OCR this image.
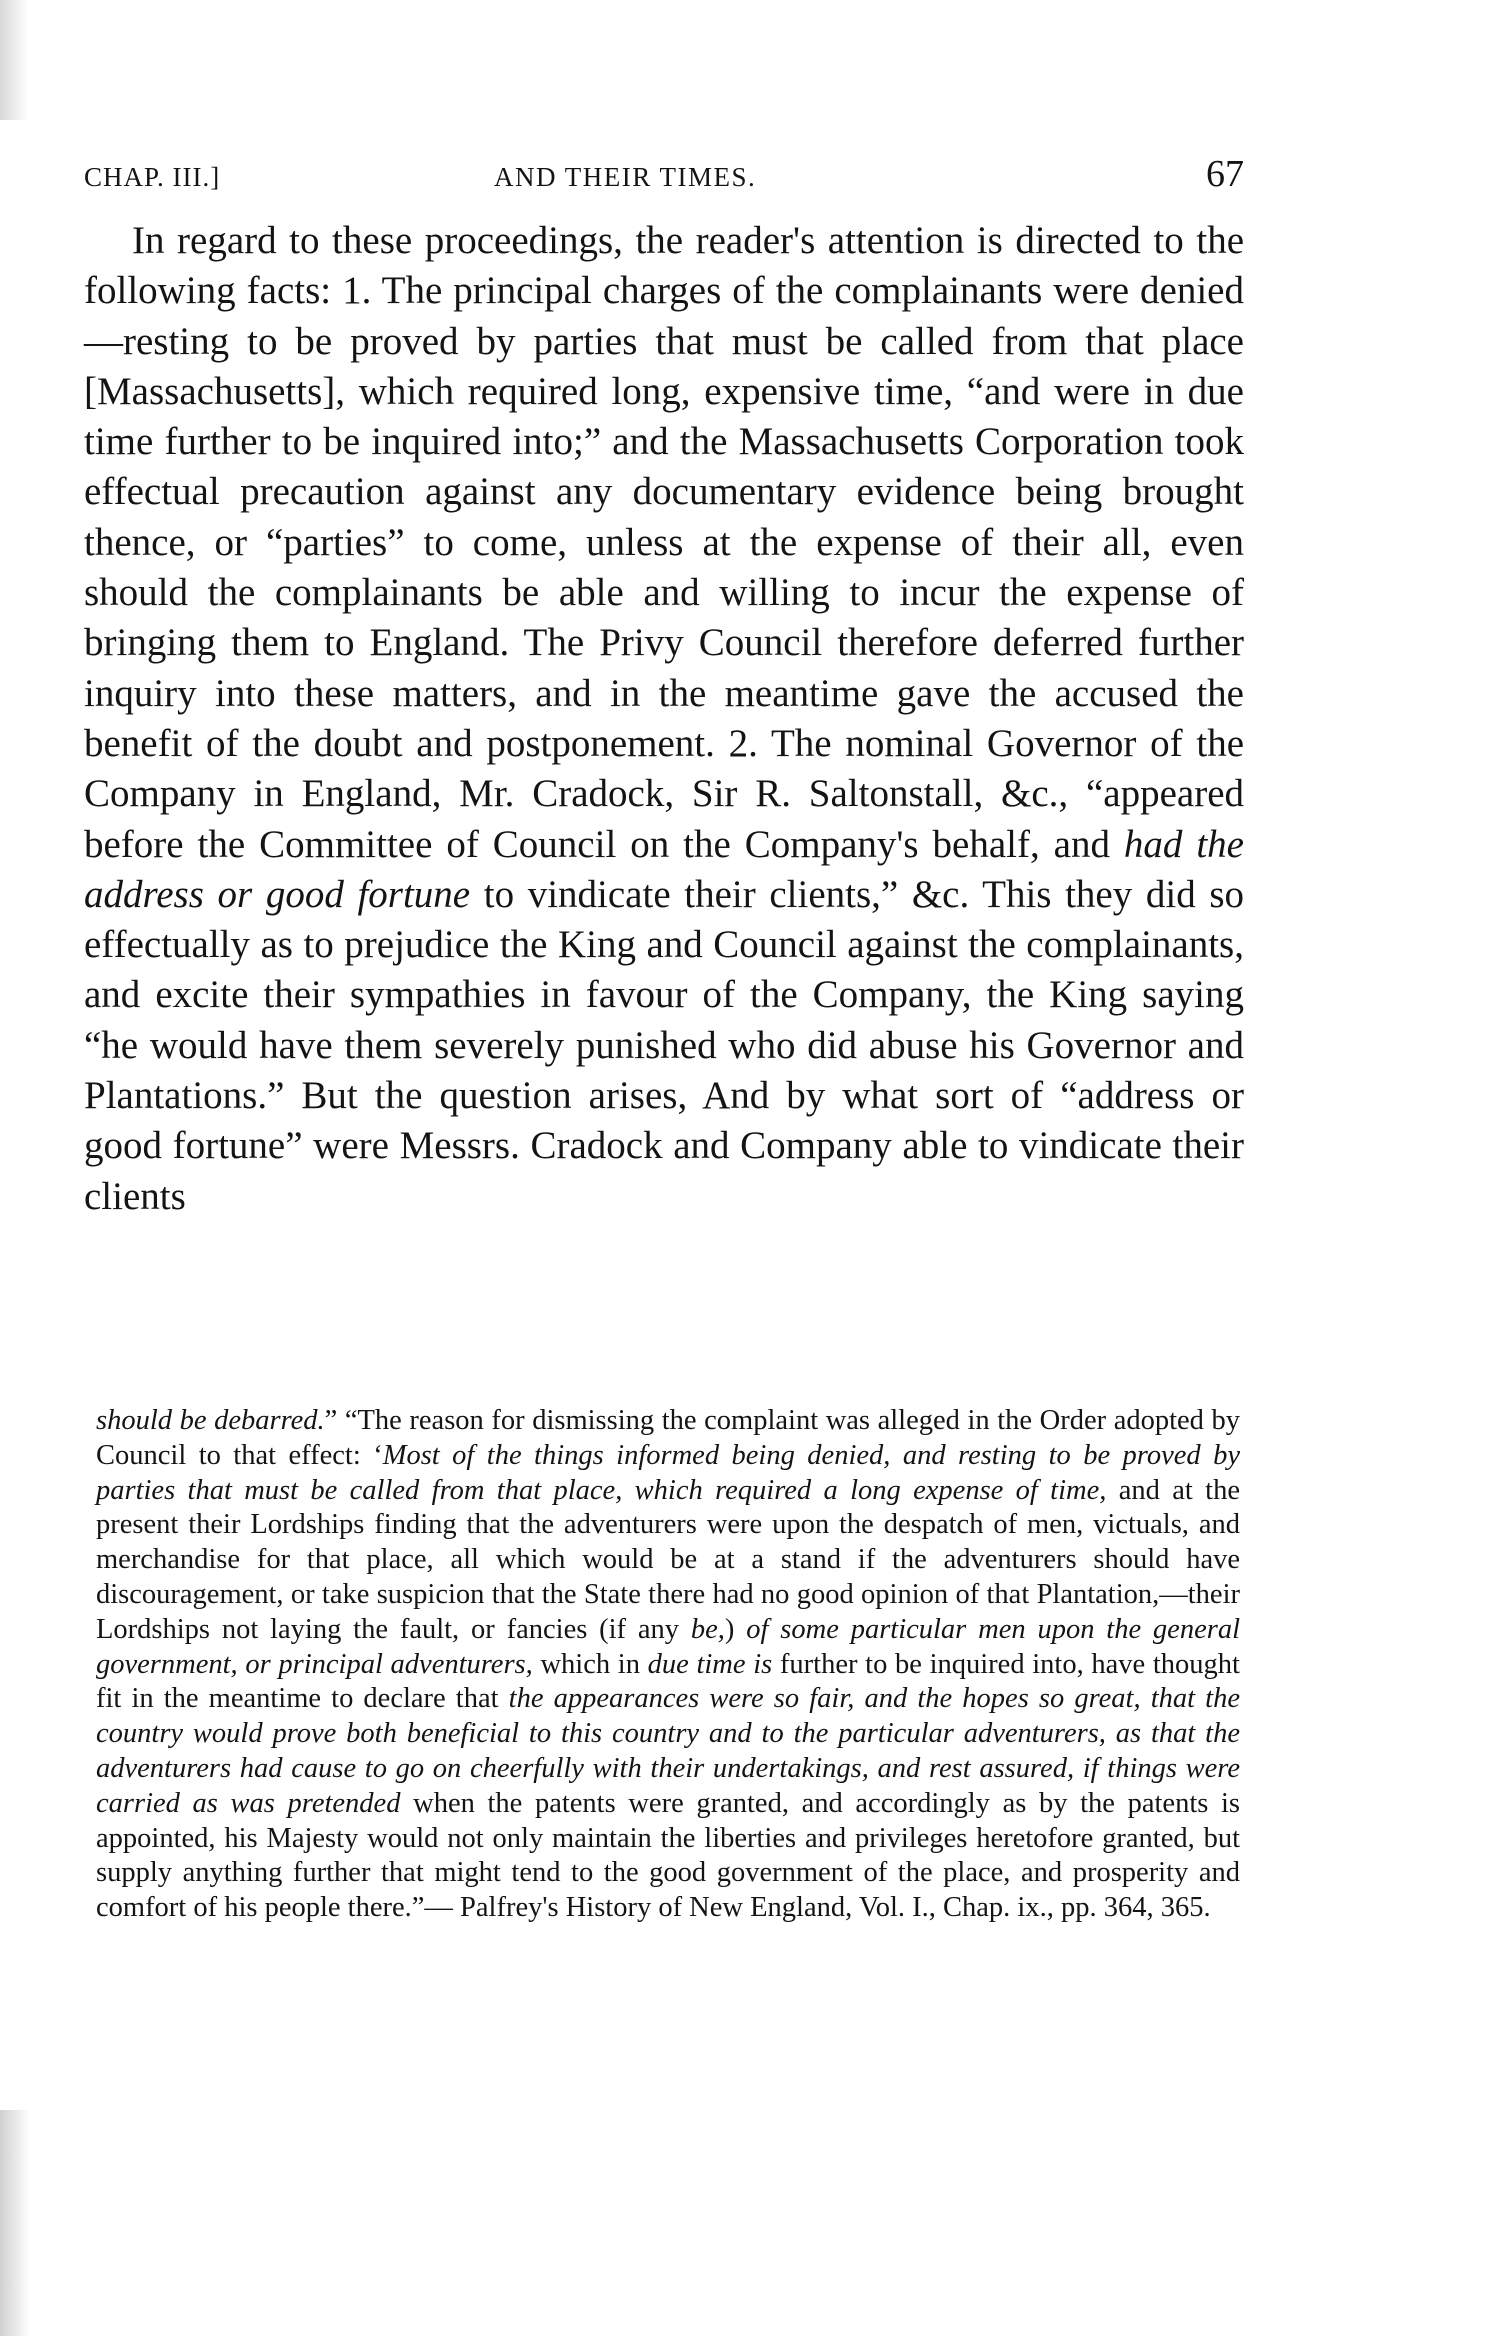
CHAP. III.]	AND THEIR TIMES.	67

In regard to these proceedings, the reader's attention is directed to the following facts: 1. The principal charges of the complainants were denied—resting to be proved by parties that must be called from that place [Massachusetts], which required long, expensive time, “and were in due time further to be inquired into;” and the Massachusetts Corporation took effectual precaution against any documentary evidence being brought thence, or “parties” to come, unless at the expense of their all, even should the complainants be able and willing to incur the expense of bringing them to England. The Privy Council therefore deferred further inquiry into these matters, and in the meantime gave the accused the benefit of the doubt and postponement. 2. The nominal Governor of the Company in England, Mr. Cradock, Sir R. Saltonstall, &c., “appeared before the Committee of Council on the Company's behalf, and had the address or good fortune to vindicate their clients,” &c. This they did so effectually as to prejudice the King and Council against the complainants, and excite their sympathies in favour of the Company, the King saying “he would have them severely punished who did abuse his Governor and Plantations.” But the question arises, And by what sort of “address or good fortune” were Messrs. Cradock and Company able to vindicate their clients

should be debarred.” “The reason for dismissing the complaint was alleged in the Order adopted by Council to that effect: ‘Most of the things informed being denied, and resting to be proved by parties that must be called from that place, which required a long expense of time, and at the present their Lordships finding that the adventurers were upon the despatch of men, victuals, and merchandise for that place, all which would be at a stand if the adventurers should have discouragement, or take suspicion that the State there had no good opinion of that Plantation,—their Lordships not laying the fault, or fancies (if any be,) of some particular men upon the general government, or principal adventurers, which in due time is further to be inquired into, have thought fit in the meantime to declare that the appearances were so fair, and the hopes so great, that the country would prove both beneficial to this country and to the particular adventurers, as that the adventurers had cause to go on cheerfully with their undertakings, and rest assured, if things were carried as was pretended when the patents were granted, and accordingly as by the patents is appointed, his Majesty would not only maintain the liberties and privileges heretofore granted, but supply anything further that might tend to the good government of the place, and prosperity and comfort of his people there.”— Palfrey's History of New England, Vol. I., Chap. ix., pp. 364, 365.
